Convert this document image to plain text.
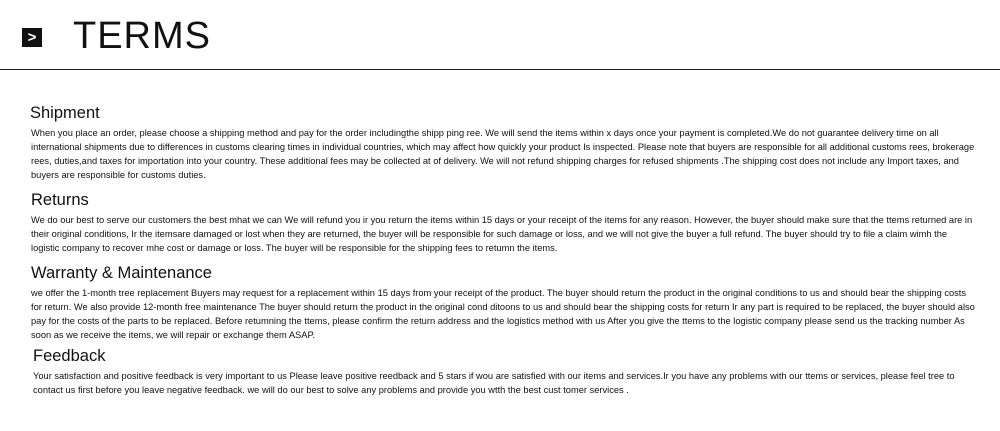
> TERMS
Shipment
When you place an order, please choose a shipping method and pay for the order includingthe shipp ping ree. We will send the items within x days once your payment is completed.We do not guarantee delivery time on all international shipments due to differences in customs clearing times in individual countries, which may affect how quickly your product Is inspected. Please note that buyers are responsible for all additional customs rees, brokerage rees, duties,and taxes for importation into your country. These additional fees may be collected at of delivery. We will not refund shipping charges for refused shipments .The shipping cost does not include any Import taxes, and buyers are responsible for customs duties.
Returns
We do our best to serve our customers the best mhat we can We will refund you ir you return the items within 15 days or your receipt of the items for any reason. However, the buyer should make sure that the ttems returned are in their original conditions, Ir the itemsare damaged or lost when they are returned, the buyer will be responsible for such damage or loss, and we will not give the buyer a full refund. The buyer should try to file a claim wimh the logistic company to recover mhe cost or damage or loss. The buyer will be responsible for the shipping fees to retumn the items.
Warranty & Maintenance
we offer the 1-month tree replacement Buyers may request for a replacement within 15 days from your receipt of the product. The buyer should return the product in the original conditions to us and should bear the shipping costs for return. We also provide 12-month free maintenance The buyer should return the product in the original cond ditoons to us and should bear the shipping costs for return Ir any part is required to be replaced, the buyer should also pay for the costs of the parts to be replaced. Before retumning the ttems, please confirm the return address and the logistics method with us After you give the ttems to the logistic company please send us the tracking number As soon as we receive the items, we will repair or exchange them ASAP.
Feedback
Your satisfaction and positive feedback is very important to us Please leave positive reedback and 5 stars if wou are satisfied with our items and services.Ir you have any problems with our ttems or services, please feel tree to contact us first before you leave negative feedback. we will do our best to solve any problems and provide you wtth the best cust tomer services .
